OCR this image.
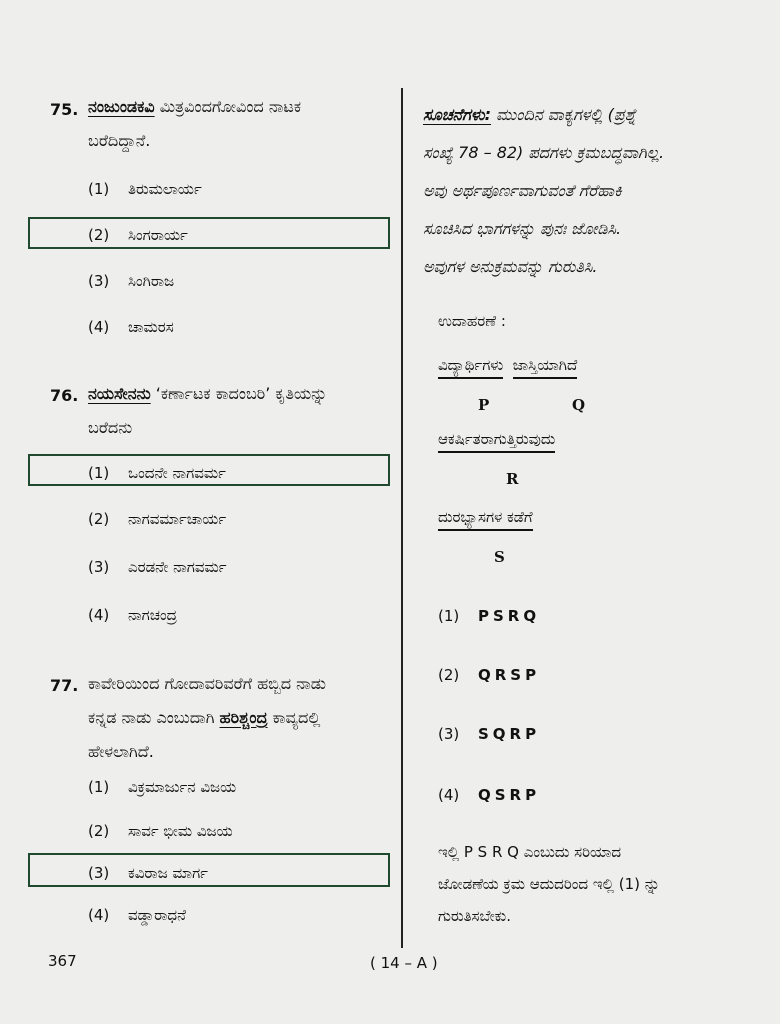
75. ನಂಜುಂಡಕವಿ ಮಿತ್ರವಿಂದಗೋವಿಂದ ನಾಟಕ
ಬರೆದಿದ್ದಾನೆ.
(1) ತಿರುಮಲಾರ್ಯ
(2) ಸಿಂಗರಾರ್ಯ
(3) ಸಿಂಗಿರಾಜ
(4) ಚಾಮರಸ
76. ನಯಸೇನನು ‘ಕರ್ಣಾಟಕ ಕಾದಂಬರಿ’ ಕೃತಿಯನ್ನು
ಬರೆದನು
(1) ಒಂದನೇ ನಾಗವರ್ಮ
(2) ನಾಗವರ್ಮಾಚಾರ್ಯ
(3) ಎರಡನೇ ನಾಗವರ್ಮ
(4) ನಾಗಚಂದ್ರ
77. ಕಾವೇರಿಯಿಂದ ಗೋದಾವರಿವರೆಗೆ ಹಬ್ಬಿದ ನಾಡು
ಕನ್ನಡ ನಾಡು ಎಂಬುದಾಗಿ ಹರಿಶ್ಚಂದ್ರ ಕಾವ್ಯದಲ್ಲಿ
ಹೇಳಲಾಗಿದೆ.
(1) ವಿಕ್ರಮಾರ್ಜುನ ವಿಜಯ
(2) ಸಾರ್ವ ಭೀಮ ವಿಜಯ
(3) ಕವಿರಾಜ ಮಾರ್ಗ
(4) ವಡ್ಡಾರಾಧನೆ
ಸೂಚನೆಗಳು: ಮುಂದಿನ ವಾಕ್ಯಗಳಲ್ಲಿ (ಪ್ರಶ್ನೆ
ಸಂಖ್ಯೆ 78 – 82) ಪದಗಳು ಕ್ರಮಬದ್ಧವಾಗಿಲ್ಲ.
ಅವು ಅರ್ಥಪೂರ್ಣವಾಗುವಂತೆ ಗೆರೆಹಾಕಿ
ಸೂಚಿಸಿದ ಭಾಗಗಳನ್ನು ಪುನಃ ಜೋಡಿಸಿ.
ಅವುಗಳ ಅನುಕ್ರಮವನ್ನು ಗುರುತಿಸಿ.
ಉದಾಹರಣೆ :
ವಿದ್ಯಾರ್ಥಿಗಳು ಜಾಸ್ತಿಯಾಗಿದೆ
P	Q
ಆಕರ್ಷಿತರಾಗುತ್ತಿರುವುದು
R
ದುರಭ್ಯಾಸಗಳ ಕಡೆಗೆ
S
(1) PSRQ
(2) QRSP
(3) SQRP
(4) QSRP
ಇಲ್ಲಿ P S R Q ಎಂಬುದು ಸರಿಯಾದ
ಜೋಡಣೆಯ ಕ್ರಮ ಆದುದರಿಂದ ಇಲ್ಲಿ (1) ನ್ನು
ಗುರುತಿಸಬೇಕು.
367	( 14 – A )
